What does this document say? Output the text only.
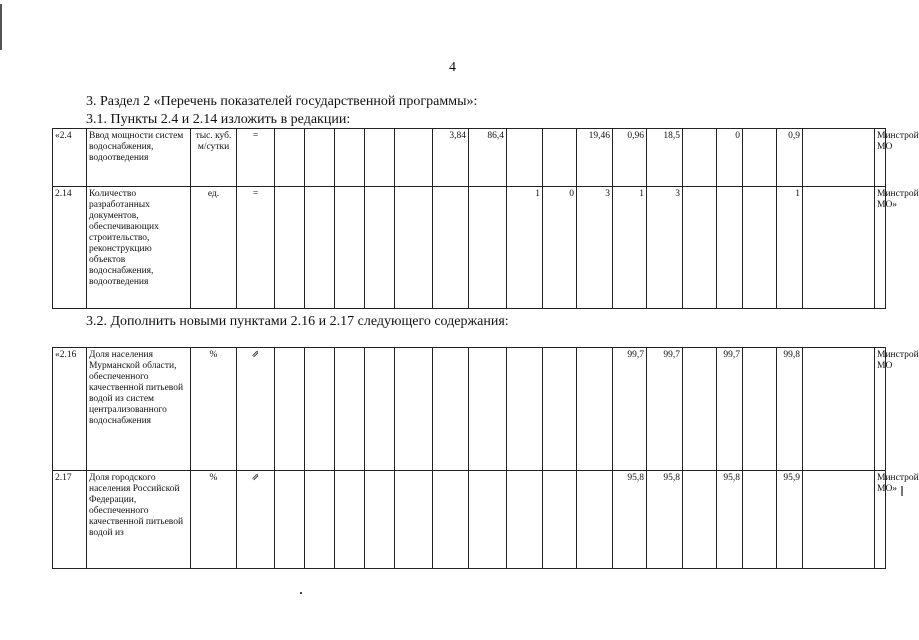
4
3. Раздел 2 «Перечень показателей государственной программы»:
3.1. Пункты 2.4 и 2.14 изложить в редакции:
«2.4	Ввод мощности систем водоснабжения, водоотведения	тыс. куб. м/сутки	=						3,84	86,4			19,46	0,96	18,5		0		0,9		Минстрой МО
2.14	Количество разработанных документов, обеспечивающих строительство, реконструкцию объектов водоснабжения, водоотведения	ед.	=								1	0	3	1	3				1		Минстрой МО»
3.2. Дополнить новыми пунктами 2.16 и 2.17 следующего содержания:
«2.16	Доля населения Мурманской области, обеспеченного качественной питьевой водой из систем централизованного водоснабжения	%	⇗											99,7	99,7		99,7		99,8		Минстрой МО
2.17	Доля городского населения Российской Федерации, обеспеченного качественной питьевой водой из	%	⇗											95,8	95,8		95,8		95,9		Минстрой МО»
